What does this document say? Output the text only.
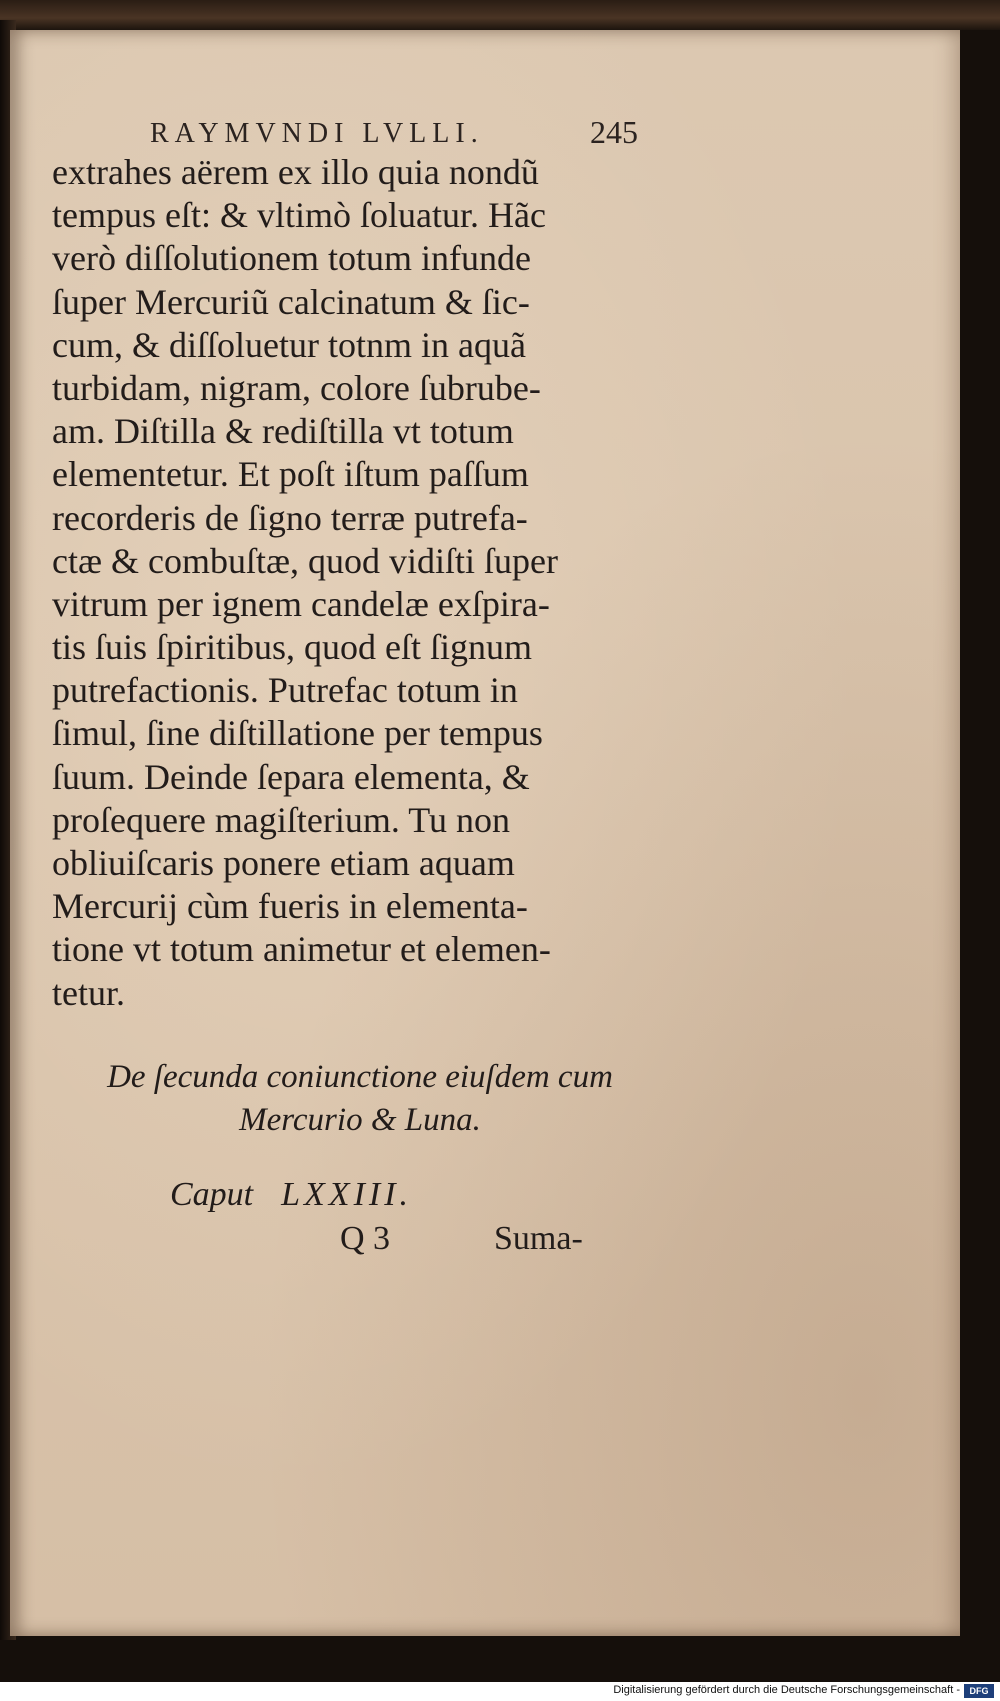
RAYMVNDI LVLLI.	245
extrahes aërem ex illo quia nondũ
tempus eſt: & vltimò ſoluatur. Hãc
verò diſſolutionem totum infunde
ſuper Mercuriũ calcinatum & ſic-
cum, & diſſoluetur totnm in aquã
turbidam, nigram, colore ſubrube-
am. Diſtilla & rediſtilla vt totum
elementetur. Et poſt iſtum paſſum
recorderis de ſigno terræ putrefa-
ctæ & combuſtæ, quod vidiſti ſuper
vitrum per ignem candelæ exſpira-
tis ſuis ſpiritibus, quod eſt ſignum
putrefactionis. Putrefac totum in
ſimul, ſine diſtillatione per tempus
ſuum. Deinde ſepara elementa, &
proſequere magiſterium. Tu non
obliuiſcaris ponere etiam aquam
Mercurij cùm fueris in elementa-
tione vt totum animetur et elemen-
tetur.
De ſecunda coniunctione eiuſdem cum
Mercurio & Luna.
Caput LXXIII.
Q 3	Suma-
Digitalisierung gefördert durch die Deutsche Forschungsgemeinschaft -	DFG
